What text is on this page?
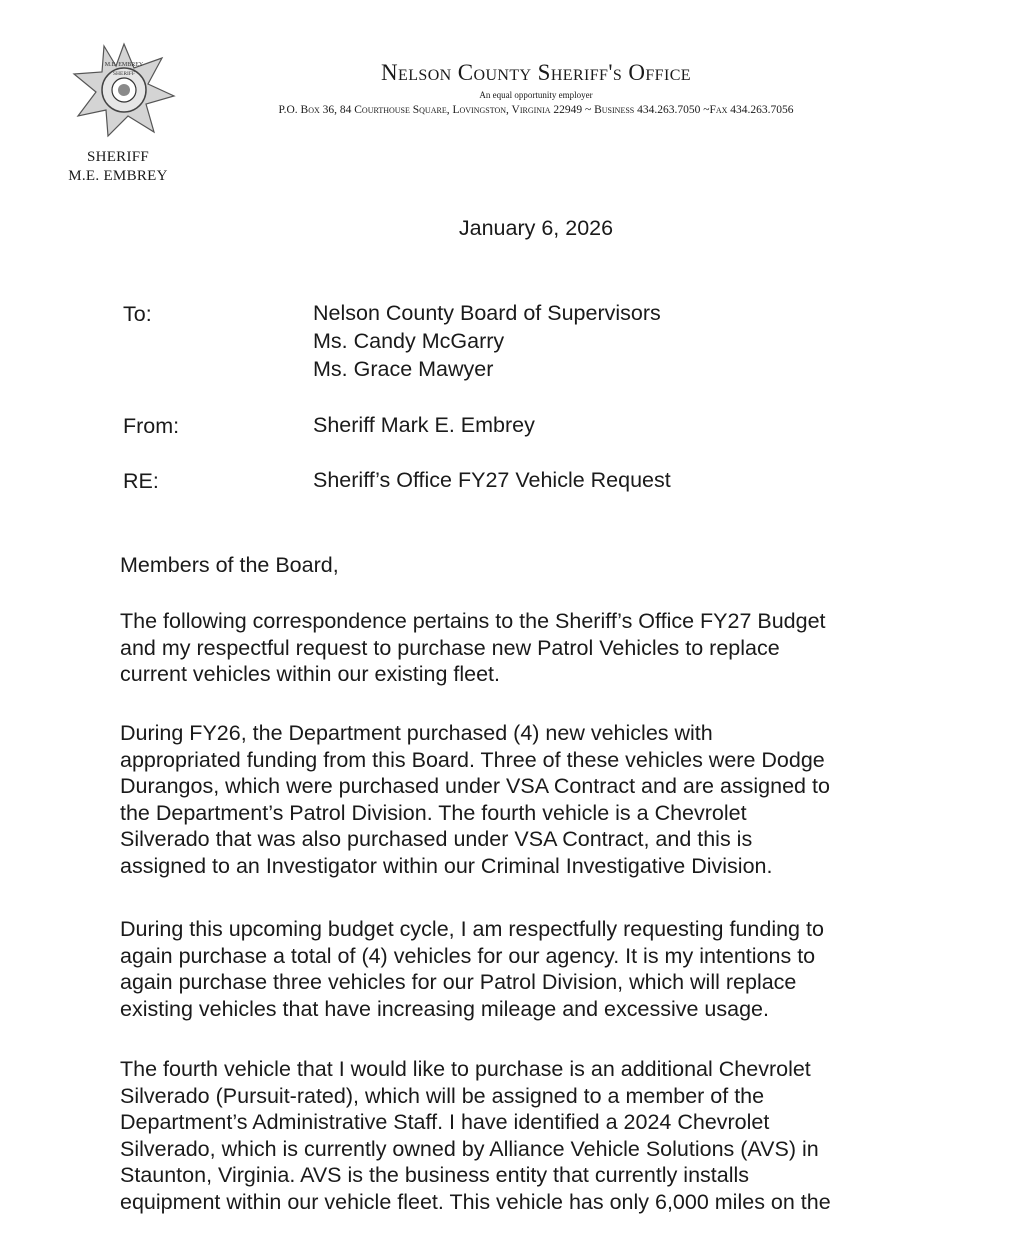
M.E. EMBREY
SHERIFF
SHERIFF
M.E. EMBREY
Nelson County Sheriff's Office
An equal opportunity employer
P.O. Box 36, 84 Courthouse Square, Lovingston, Virginia 22949 ~ Business 434.263.7050 ~Fax 434.263.7056
January 6, 2026
To:	Nelson County Board of Supervisors
Ms. Candy McGarry
Ms. Grace Mawyer
From:	Sheriff Mark E. Embrey
RE:	Sheriff’s Office FY27 Vehicle Request

Members of the Board,

The following correspondence pertains to the Sheriff’s Office FY27 Budget
and my respectful request to purchase new Patrol Vehicles to replace
current vehicles within our existing fleet.

During FY26, the Department purchased (4) new vehicles with
appropriated funding from this Board. Three of these vehicles were Dodge
Durangos, which were purchased under VSA Contract and are assigned to
the Department’s Patrol Division. The fourth vehicle is a Chevrolet
Silverado that was also purchased under VSA Contract, and this is
assigned to an Investigator within our Criminal Investigative Division.

During this upcoming budget cycle, I am respectfully requesting funding to
again purchase a total of (4) vehicles for our agency. It is my intentions to
again purchase three vehicles for our Patrol Division, which will replace
existing vehicles that have increasing mileage and excessive usage.

The fourth vehicle that I would like to purchase is an additional Chevrolet
Silverado (Pursuit-rated), which will be assigned to a member of the
Department’s Administrative Staff. I have identified a 2024 Chevrolet
Silverado, which is currently owned by Alliance Vehicle Solutions (AVS) in
Staunton, Virginia. AVS is the business entity that currently installs
equipment within our vehicle fleet. This vehicle has only 6,000 miles on the
